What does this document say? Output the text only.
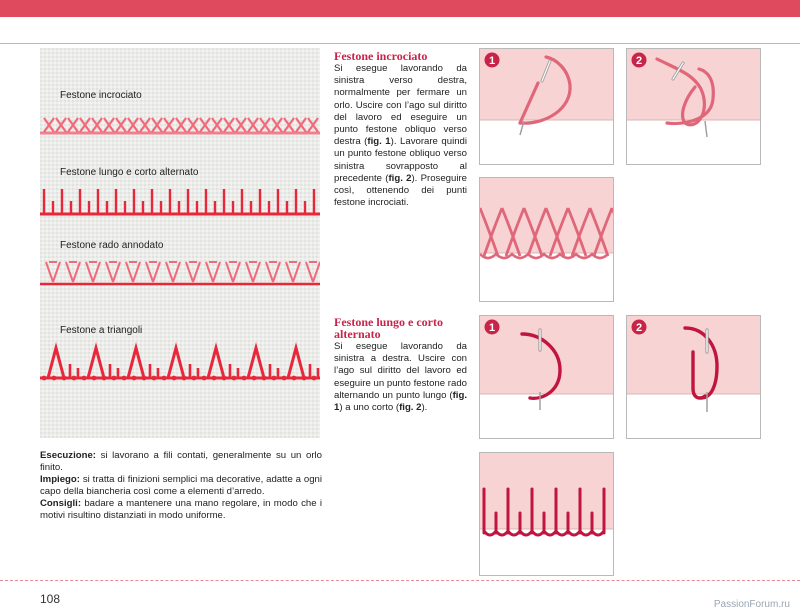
Festone incrociato
Festone lungo e corto alternato
Festone rado annodato
Festone a triangoli

Esecuzione: si lavorano a fili contati, generalmente su un orlo finito.

Impiego: si tratta di finizioni semplici ma decorative, adatte a ogni capo della biancheria così come a elementi d’arredo.

Consigli: badare a mantenere una mano regolare, in modo che i motivi risultino distanziati in modo uniforme.

Festone incrociato
Si esegue lavorando da sinistra verso destra, normalmente per fermare un orlo. Uscire con l’ago sul diritto del lavoro ed eseguire un punto festone obliquo verso destra (fig. 1). Lavorare quindi un punto festone obliquo verso sinistra sovrapposto al precedente (fig. 2). Proseguire così, ottenendo dei punti festone incrociati.
Festone lungo e corto alternato
Si esegue lavorando da sinistra a destra. Uscire con l’ago sul diritto del lavoro ed eseguire un punto festone rado alternando un punto lungo (fig. 1) a uno corto (fig. 2).
1	2
1	2
108	PassionForum.ru
